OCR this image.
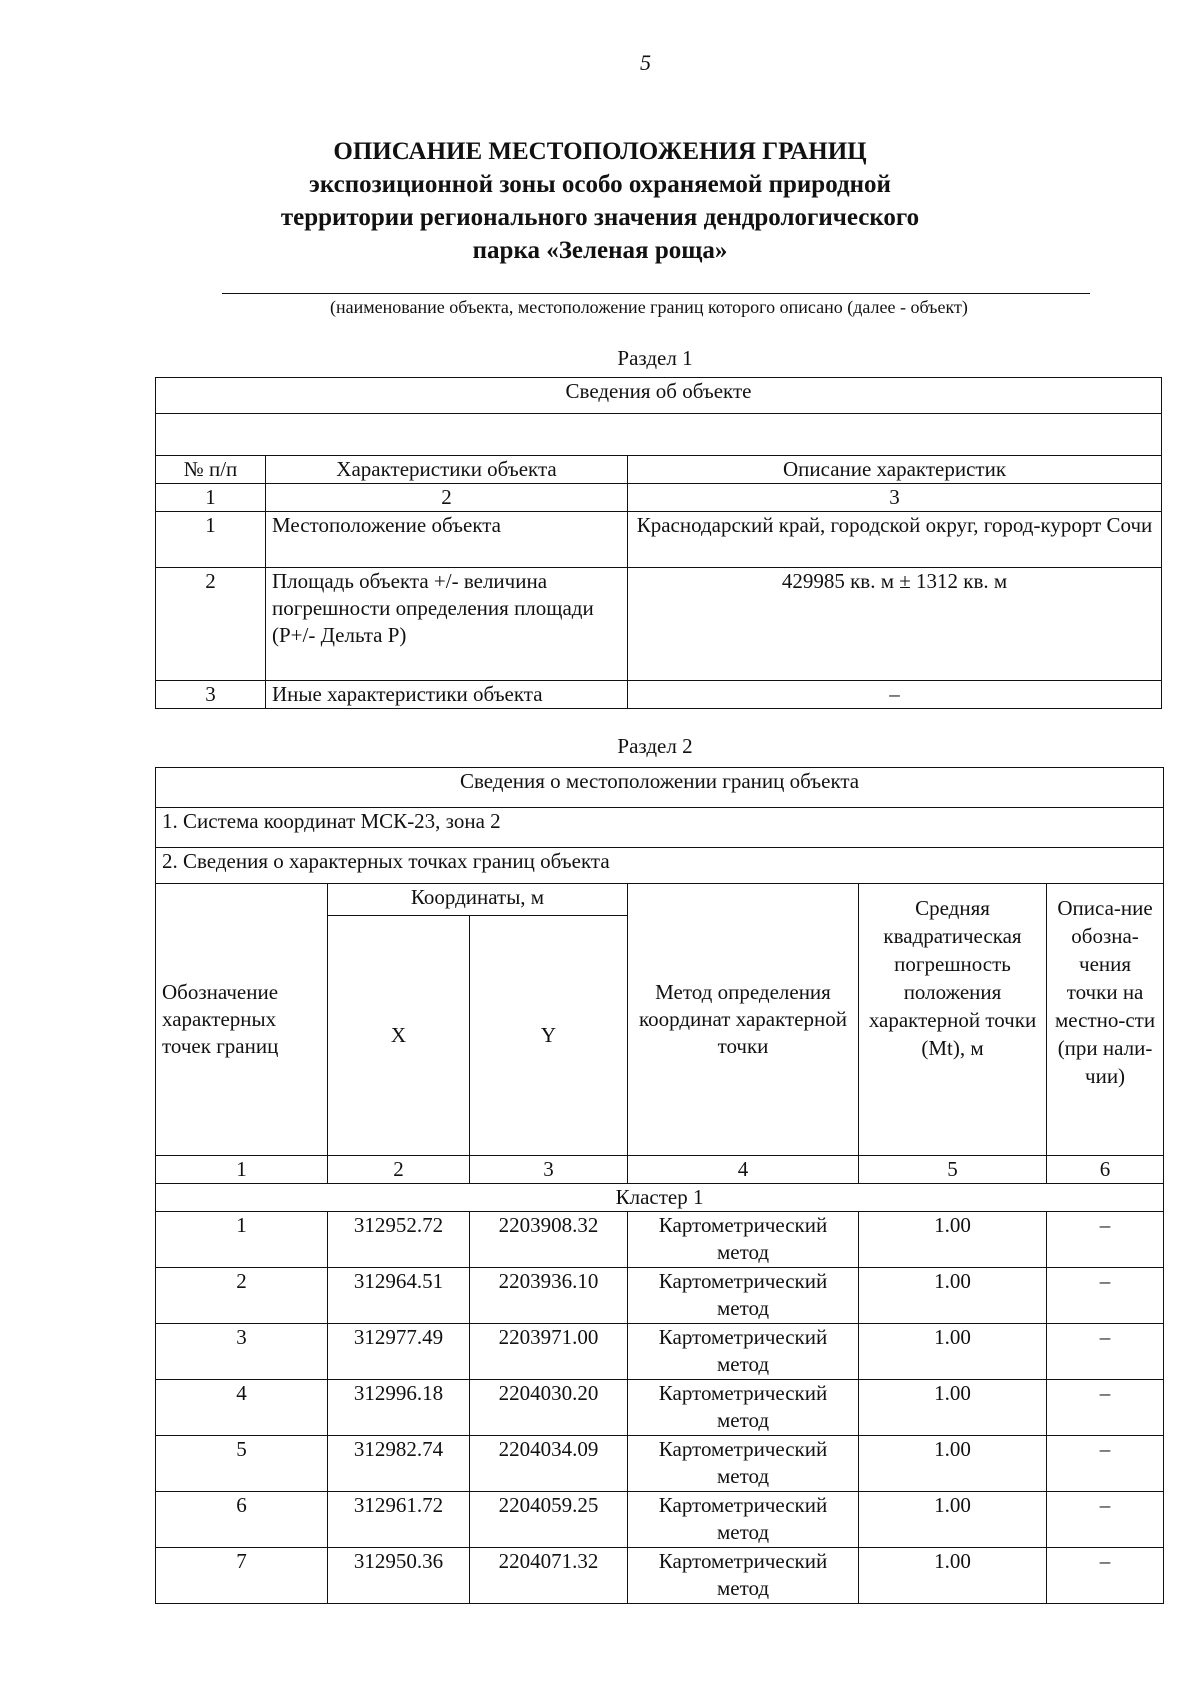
5
ОПИСАНИЕ МЕСТОПОЛОЖЕНИЯ ГРАНИЦ
экспозиционной зоны особо охраняемой природной
территории регионального значения дендрологического
парка «Зеленая роща»
(наименование объекта, местоположение границ которого описано (далее - объект)
Раздел 1
Сведения об объекте		

№ п/п	Характеристики объекта	Описание характеристик
1	2	3
1	Местоположение объекта	Краснодарский край, городской округ, город-курорт Сочи
2	Площадь объекта +/- величина погрешности определения площади (Р+/- Дельта Р)	429985 кв. м ± 1312 кв. м
3	Иные характеристики объекта	–
Раздел 2
Сведения о местоположении границ объекта					
1. Система координат МСК-23, зона 2					
2. Сведения о характерных точках границ объекта					
Обозначение характерных точек границ	Координаты, м		Метод определения координат характерной точки	Средняя квадратическая погрешность положения характерной точки (Mt), м	Описа-ние обозна-чения точки на местно-сти (при нали-чии)
	X	Y			
1	2	3	4	5	6
Кластер 1					
1	312952.72	2203908.32	Картометрический метод	1.00	–
2	312964.51	2203936.10	Картометрический метод	1.00	–
3	312977.49	2203971.00	Картометрический метод	1.00	–
4	312996.18	2204030.20	Картометрический метод	1.00	–
5	312982.74	2204034.09	Картометрический метод	1.00	–
6	312961.72	2204059.25	Картометрический метод	1.00	–
7	312950.36	2204071.32	Картометрический метод	1.00	–
